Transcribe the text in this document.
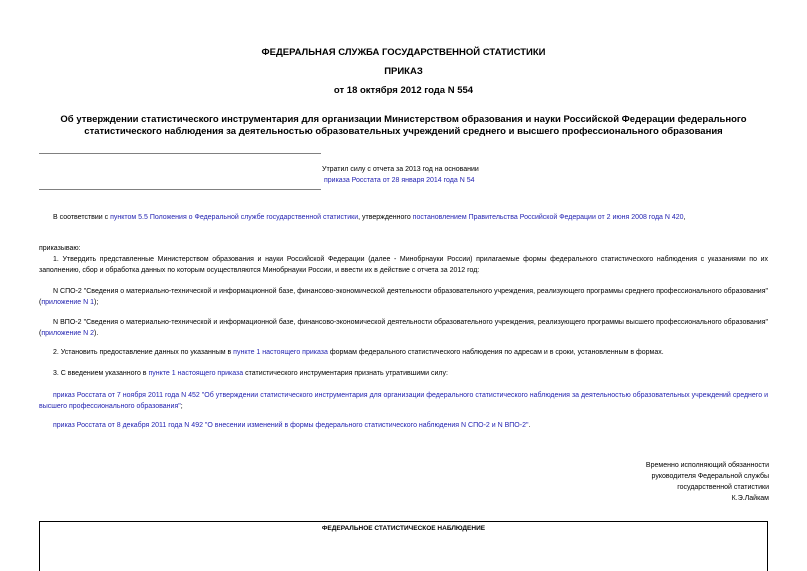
ФЕДЕРАЛЬНАЯ СЛУЖБА ГОСУДАРСТВЕННОЙ СТАТИСТИКИ
ПРИКАЗ
от 18 октября 2012 года N 554
Об утверждении статистического инструментария для организации Министерством образования и науки Российской Федерации федерального статистического наблюдения за деятельностью образовательных учреждений среднего и высшего профессионального образования
Утратил силу с отчета за 2013 год на основании
приказа Росстата от 28 января 2014 года N 54
В соответствии с пунктом 5.5 Положения о Федеральной службе государственной статистики, утвержденного постановлением Правительства Российской Федерации от 2 июня 2008 года N 420,
приказываю:
1. Утвердить представленные Министерством образования и науки Российской Федерации (далее - Минобрнауки России) прилагаемые формы федерального статистического наблюдения с указаниями по их заполнению, сбор и обработка данных по которым осуществляются Минобрнауки России, и ввести их в действие с отчета за 2012 год:
N СПО-2 "Сведения о материально-технической и информационной базе, финансово-экономической деятельности образовательного учреждения, реализующего программы среднего профессионального образования" (приложение N 1);
N ВПО-2 "Сведения о материально-технической и информационной базе, финансово-экономической деятельности образовательного учреждения, реализующего программы высшего профессионального образования" (приложение N 2).
2. Установить предоставление данных по указанным в пункте 1 настоящего приказа формам федерального статистического наблюдения по адресам и в сроки, установленным в формах.
3. С введением указанного в пункте 1 настоящего приказа статистического инструментария признать утратившими силу:
приказ Росстата от 7 ноября 2011 года N 452 "Об утверждении статистического инструментария для организации федерального статистического наблюдения за деятельностью образовательных учреждений среднего и высшего профессионального образования";
приказ Росстата от 8 декабря 2011 года N 492 "О внесении изменений в формы федерального статистического наблюдения N СПО-2 и N ВПО-2".
Временно исполняющий обязанности
руководителя Федеральной службы
государственной статистики
К.Э.Лайкам
ФЕДЕРАЛЬНОЕ СТАТИСТИЧЕСКОЕ НАБЛЮДЕНИЕ
